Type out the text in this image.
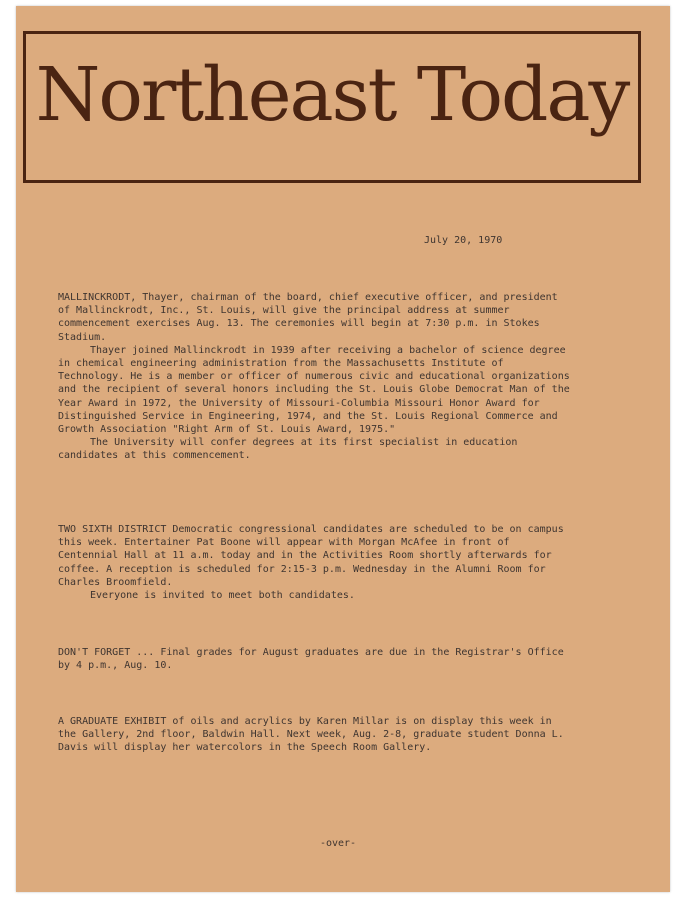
Northeast Today
July 20, 1970

MALLINCKRODT, Thayer, chairman of the board, chief executive officer, and president of Mallinckrodt, Inc., St. Louis, will give the principal address at summer commencement exercises Aug. 13. The ceremonies will begin at 7:30 p.m. in Stokes Stadium.

Thayer joined Mallinckrodt in 1939 after receiving a bachelor of science degree in chemical engineering administration from the Massachusetts Institute of Technology. He is a member or officer of numerous civic and educational organizations and the recipient of several honors including the St. Louis Globe Democrat Man of the Year Award in 1972, the University of Missouri-Columbia Missouri Honor Award for Distinguished Service in Engineering, 1974, and the St. Louis Regional Commerce and Growth Association "Right Arm of St. Louis Award, 1975."

The University will confer degrees at its first specialist in education candidates at this commencement.

TWO SIXTH DISTRICT Democratic congressional candidates are scheduled to be on campus this week. Entertainer Pat Boone will appear with Morgan McAfee in front of Centennial Hall at 11 a.m. today and in the Activities Room shortly afterwards for coffee. A reception is scheduled for 2:15-3 p.m. Wednesday in the Alumni Room for Charles Broomfield.

Everyone is invited to meet both candidates.

DON'T FORGET ... Final grades for August graduates are due in the Registrar's Office by 4 p.m., Aug. 10.

A GRADUATE EXHIBIT of oils and acrylics by Karen Millar is on display this week in the Gallery, 2nd floor, Baldwin Hall. Next week, Aug. 2-8, graduate student Donna L. Davis will display her watercolors in the Speech Room Gallery.

-over-
